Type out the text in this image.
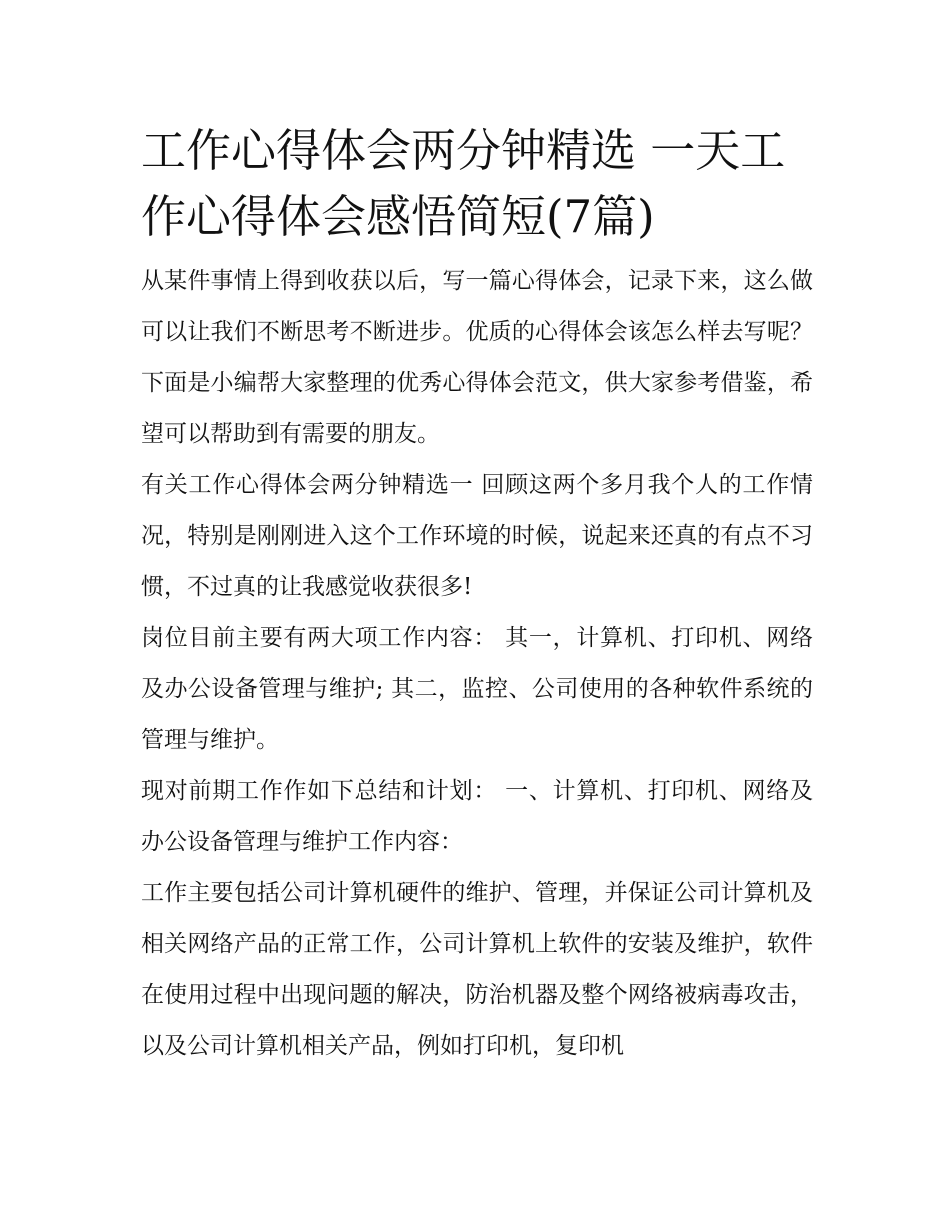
工作心得体会两分钟精选 一天工作心得体会感悟简短(7篇)

从某件事情上得到收获以后，写一篇心得体会，记录下来，这么做可以让我们不断思考不断进步。优质的心得体会该怎么样去写呢？下面是小编帮大家整理的优秀心得体会范文，供大家参考借鉴，希望可以帮助到有需要的朋友。

有关工作心得体会两分钟精选一 回顾这两个多月我个人的工作情况，特别是刚刚进入这个工作环境的时候，说起来还真的有点不习惯，不过真的让我感觉收获很多!

岗位目前主要有两大项工作内容： 其一，计算机、打印机、网络及办公设备管理与维护; 其二，监控、公司使用的各种软件系统的管理与维护。

现对前期工作作如下总结和计划： 一、计算机、打印机、网络及办公设备管理与维护工作内容：

工作主要包括公司计算机硬件的维护、管理，并保证公司计算机及相关网络产品的正常工作，公司计算机上软件的安装及维护，软件在使用过程中出现问题的解决，防治机器及整个网络被病毒攻击，以及公司计算机相关产品，例如打印机，复印机
